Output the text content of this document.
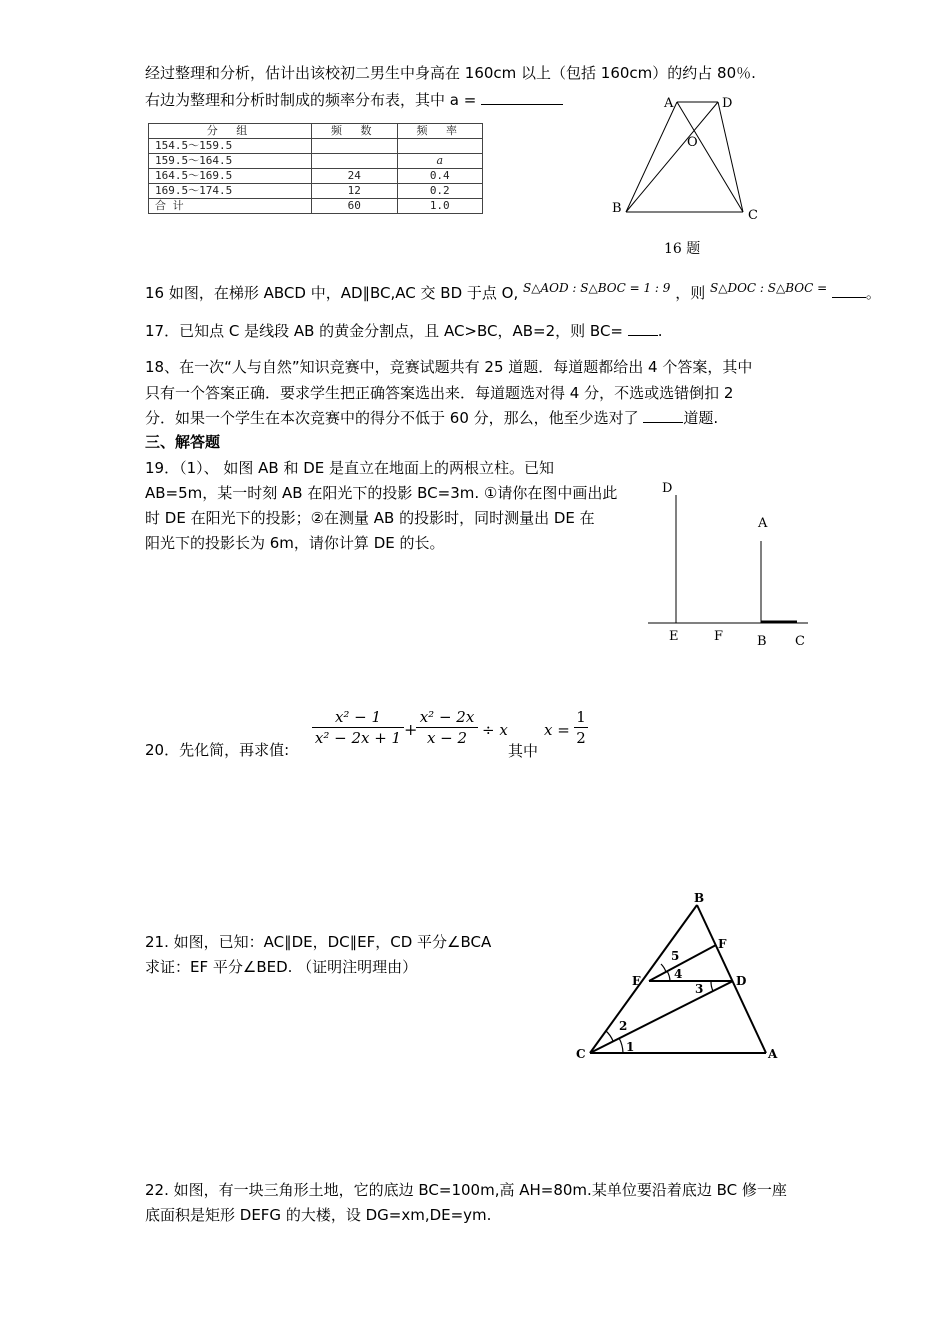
经过整理和分析，估计出该校初二男生中身高在 160cm 以上（包括 160cm）的约占 80％.
右边为整理和分析时制成的频率分布表，其中 a =
分 组	频 数	频 率
154.5～159.5		
159.5～164.5		a
164.5～169.5	24	0.4
169.5～174.5	12	0.2
合 计	60	1.0
A	D
O
B	C
16 题
16 如图，在梯形 ABCD 中，AD∥BC,AC 交 BD 于点 O, $^{S\triangle AOD : S\triangle BOC = 1 : 9}$ ，则 $^{S\triangle DOC : S\triangle BOC =}$	。
17．已知点 C 是线段 AB 的黄金分割点，且 AC>BC，AB=2，则 BC= .
18、在一次“人与自然”知识竞赛中，竞赛试题共有 25 道题．每道题都给出 4 个答案，其中
只有一个答案正确．要求学生把正确答案选出来．每道题选对得 4 分，不选或选错倒扣 2
分．如果一个学生在本次竞赛中的得分不低于 60 分，那么，他至少选对了	道题.
三、解答题
19．（1）、 如图 AB 和 DE 是直立在地面上的两根立柱。已知
AB=5m，某一时刻 AB 在阳光下的投影 BC=3m. ①请你在图中画出此
时 DE 在阳光下的投影；②在测量 AB 的投影时，同时测量出 DE 在
阳光下的投影长为 6m，请你计算 DE 的长。
D
A
E	F	B C
20．先化简，再求值:
x² − 1
x² − 2x + 1 +
x² − 2x
x − 2 ÷ x
其中
x =
1
2
21. 如图，已知：AC∥DE，DC∥EF，CD 平分∠BCA
求证：EF 平分∠BED. （证明注明理由）
B
F
E	D
C	A
1
2
3
4
5
22. 如图，有一块三角形土地，它的底边 BC=100m,高 AH=80m.某单位要沿着底边 BC 修一座
底面积是矩形 DEFG 的大楼，设 DG=xm,DE=ym.
